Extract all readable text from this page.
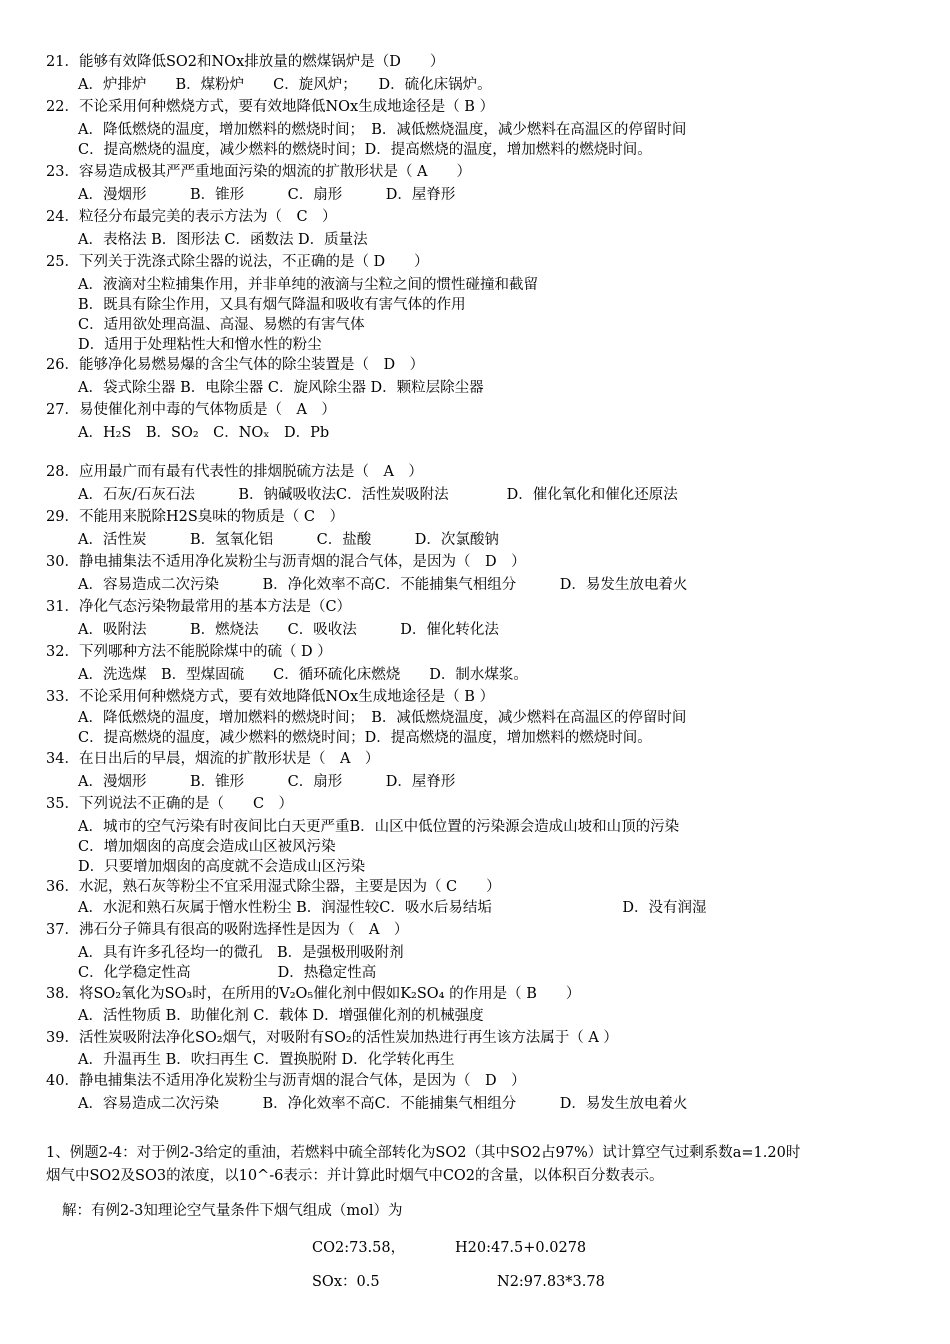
21．能够有效降低SO2和NOx排放量的燃煤锅炉是（D　　）
A．炉排炉　　B．煤粉炉　　C．旋风炉；　　D．硫化床锅炉。
22．不论采用何种燃烧方式，要有效地降低NOx生成地途径是（ B ）
A．降低燃烧的温度，增加燃料的燃烧时间；　B．减低燃烧温度，减少燃料在高温区的停留时间
C．提高燃烧的温度，减少燃料的燃烧时间；D．提高燃烧的温度，增加燃料的燃烧时间。
23．容易造成极其严严重地面污染的烟流的扩散形状是（ A　　）
A．漫烟形　　　B．锥形　　　C．扇形　　　D．屋脊形
24．粒径分布最完美的表示方法为（　C　）
A．表格法 B．图形法 C．函数法 D．质量法
25．下列关于洗涤式除尘器的说法，不正确的是（ D　　）
A．液滴对尘粒捕集作用，并非单纯的液滴与尘粒之间的惯性碰撞和截留
B．既具有除尘作用，又具有烟气降温和吸收有害气体的作用
C．适用欲处理高温、高湿、易燃的有害气体
D．适用于处理粘性大和憎水性的粉尘
26．能够净化易燃易爆的含尘气体的除尘装置是（　D　）
A．袋式除尘器 B．电除尘器 C．旋风除尘器 D．颗粒层除尘器
27．易使催化剂中毒的气体物质是（　A　）
A．H₂S　B．SO₂　C．NOₓ　D．Pb
28．应用最广而有最有代表性的排烟脱硫方法是（　A　）
A．石灰/石灰石法　　　B．钠碱吸收法C．活性炭吸附法　　　　D．催化氧化和催化还原法
29．不能用来脱除H2S臭味的物质是（ C　）
A．活性炭　　　B．氢氧化铝　　　C．盐酸　　　D．次氯酸钠
30．静电捕集法不适用净化炭粉尘与沥青烟的混合气体，是因为（　D　）
A．容易造成二次污染　　　B．净化效率不高C．不能捕集气相组分　　　D．易发生放电着火
31．净化气态污染物最常用的基本方法是（C）
A．吸附法　　　B．燃烧法　　C．吸收法　　　D．催化转化法
32．下列哪种方法不能脱除煤中的硫（ D ）
A．洗选煤　B．型煤固硫　　C．循环硫化床燃烧　　D．制水煤浆。
33．不论采用何种燃烧方式，要有效地降低NOx生成地途径是（ B ）
A．降低燃烧的温度，增加燃料的燃烧时间；　B．减低燃烧温度，减少燃料在高温区的停留时间
C．提高燃烧的温度，减少燃料的燃烧时间；D．提高燃烧的温度，增加燃料的燃烧时间。
34．在日出后的早晨，烟流的扩散形状是（　A　）
A．漫烟形　　　B．锥形　　　C．扇形　　　D．屋脊形
35．下列说法不正确的是（　　C　）
A．城市的空气污染有时夜间比白天更严重B．山区中低位置的污染源会造成山坡和山顶的污染
C．增加烟囱的高度会造成山区被风污染
D．只要增加烟囱的高度就不会造成山区污染
36．水泥，熟石灰等粉尘不宜采用湿式除尘器，主要是因为（ C　　）
A．水泥和熟石灰属于憎水性粉尘 B．润湿性较C．吸水后易结垢　　　　　　　　　D．没有润湿
37．沸石分子筛具有很高的吸附选择性是因为（　A　）
A．具有许多孔径均一的微孔　B．是强极刑吸附剂
C．化学稳定性高　　　　　　D．热稳定性高
38．将SO₂氧化为SO₃时，在所用的V₂O₅催化剂中假如K₂SO₄ 的作用是（ B　　）
A．活性物质 B．助催化剂 C．载体 D．增强催化剂的机械强度
39．活性炭吸附法净化SO₂烟气，对吸附有SO₂的活性炭加热进行再生该方法属于（ A ）
A．升温再生 B．吹扫再生 C．置换脱附 D．化学转化再生
40．静电捕集法不适用净化炭粉尘与沥青烟的混合气体，是因为（　D　）
A．容易造成二次污染　　　B．净化效率不高C．不能捕集气相组分　　　D．易发生放电着火
1、例题2-4：对于例2-3给定的重油，若燃料中硫全部转化为SO2（其中SO2占97%）试计算空气过剩系数a=1.20时
烟气中SO2及SO3的浓度，以10^-6表示：并计算此时烟气中CO2的含量，以体积百分数表示。
解：有例2-3知理论空气量条件下烟气组成（mol）为
CO2:73.58，	H20:47.5+0.0278
SOx：0.5	N2:97.83*3.78
